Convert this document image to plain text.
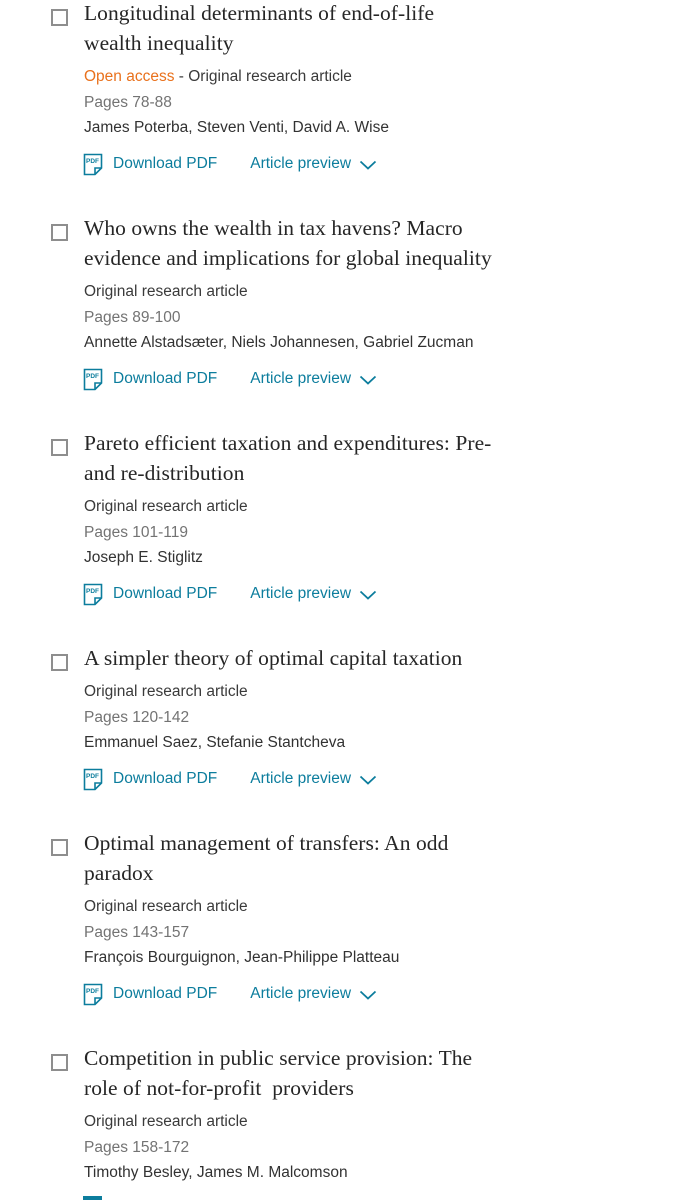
Longitudinal determinants of end-of-life
wealth inequality
Open access - Original research article
Pages 78-88
James Poterba, Steven Venti, David A. Wise
PDF Download PDF Article preview
Who owns the wealth in tax havens? Macro
evidence and implications for global inequality
Original research article
Pages 89-100
Annette Alstadsæter, Niels Johannesen, Gabriel Zucman
PDF Download PDF Article preview
Pareto efficient taxation and expenditures: Pre-
and re-distribution
Original research article
Pages 101-119
Joseph E. Stiglitz
PDF Download PDF Article preview
A simpler theory of optimal capital taxation
Original research article
Pages 120-142
Emmanuel Saez, Stefanie Stantcheva
PDF Download PDF Article preview
Optimal management of transfers: An odd
paradox
Original research article
Pages 143-157
François Bourguignon, Jean-Philippe Platteau
PDF Download PDF Article preview
Competition in public service provision: The
role of not-for-profit  providers
Original research article
Pages 158-172
Timothy Besley, James M. Malcomson
